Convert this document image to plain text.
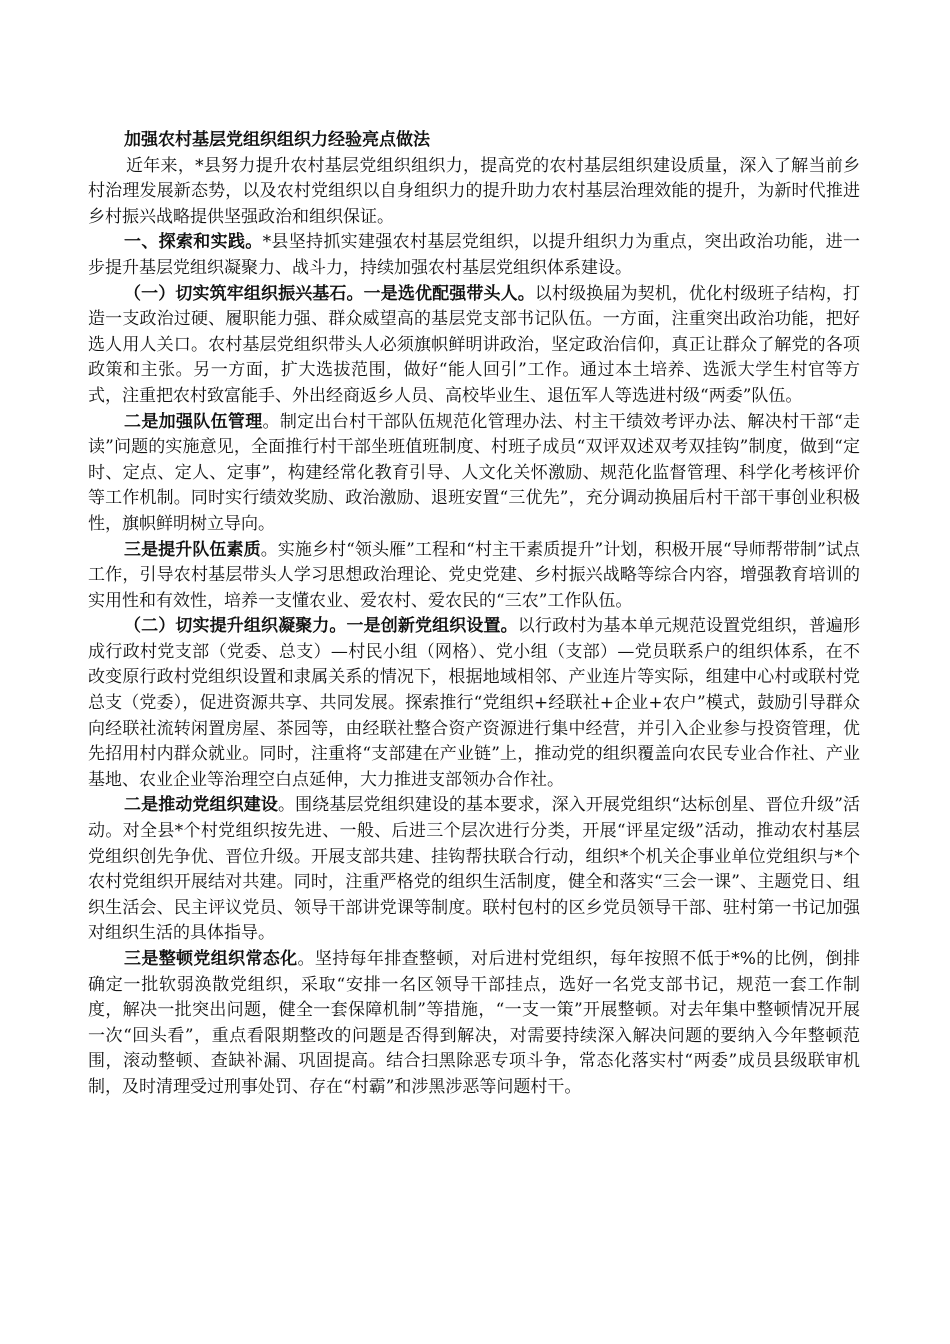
加强农村基层党组织组织力经验亮点做法

近年来，*县努力提升农村基层党组织组织力，提高党的农村基层组织建设质量，深入了解当前乡村治理发展新态势，以及农村党组织以自身组织力的提升助力农村基层治理效能的提升，为新时代推进乡村振兴战略提供坚强政治和组织保证。

一、探索和实践。*县坚持抓实建强农村基层党组织，以提升组织力为重点，突出政治功能，进一步提升基层党组织凝聚力、战斗力，持续加强农村基层党组织体系建设。

（一）切实筑牢组织振兴基石。一是选优配强带头人。以村级换届为契机，优化村级班子结构，打造一支政治过硬、履职能力强、群众威望高的基层党支部书记队伍。一方面，注重突出政治功能，把好选人用人关口。农村基层党组织带头人必须旗帜鲜明讲政治，坚定政治信仰，真正让群众了解党的各项政策和主张。另一方面，扩大选拔范围，做好“能人回引”工作。通过本土培养、选派大学生村官等方式，注重把农村致富能手、外出经商返乡人员、高校毕业生、退伍军人等选进村级“两委”队伍。

二是加强队伍管理。制定出台村干部队伍规范化管理办法、村主干绩效考评办法、解决村干部“走读”问题的实施意见，全面推行村干部坐班值班制度、村班子成员“双评双述双考双挂钩”制度，做到“定时、定点、定人、定事”，构建经常化教育引导、人文化关怀激励、规范化监督管理、科学化考核评价等工作机制。同时实行绩效奖励、政治激励、退班安置“三优先”，充分调动换届后村干部干事创业积极性，旗帜鲜明树立导向。

三是提升队伍素质。实施乡村“领头雁”工程和“村主干素质提升”计划，积极开展“导师帮带制”试点工作，引导农村基层带头人学习思想政治理论、党史党建、乡村振兴战略等综合内容，增强教育培训的实用性和有效性，培养一支懂农业、爱农村、爱农民的“三农”工作队伍。

（二）切实提升组织凝聚力。一是创新党组织设置。以行政村为基本单元规范设置党组织，普遍形成行政村党支部（党委、总支）—村民小组（网格）、党小组（支部）—党员联系户的组织体系，在不改变原行政村党组织设置和隶属关系的情况下，根据地域相邻、产业连片等实际，组建中心村或联村党总支（党委），促进资源共享、共同发展。探索推行“党组织+经联社+企业+农户”模式，鼓励引导群众向经联社流转闲置房屋、茶园等，由经联社整合资产资源进行集中经营，并引入企业参与投资管理，优先招用村内群众就业。同时，注重将“支部建在产业链”上，推动党的组织覆盖向农民专业合作社、产业基地、农业企业等治理空白点延伸，大力推进支部领办合作社。

二是推动党组织建设。围绕基层党组织建设的基本要求，深入开展党组织“达标创星、晋位升级”活动。对全县*个村党组织按先进、一般、后进三个层次进行分类，开展“评星定级”活动，推动农村基层党组织创先争优、晋位升级。开展支部共建、挂钩帮扶联合行动，组织*个机关企事业单位党组织与*个农村党组织开展结对共建。同时，注重严格党的组织生活制度，健全和落实“三会一课”、主题党日、组织生活会、民主评议党员、领导干部讲党课等制度。联村包村的区乡党员领导干部、驻村第一书记加强对组织生活的具体指导。

三是整顿党组织常态化。坚持每年排查整顿，对后进村党组织，每年按照不低于*%的比例，倒排确定一批软弱涣散党组织，采取“安排一名区领导干部挂点，选好一名党支部书记，规范一套工作制度，解决一批突出问题，健全一套保障机制”等措施，“一支一策”开展整顿。对去年集中整顿情况开展一次“回头看”，重点看限期整改的问题是否得到解决，对需要持续深入解决问题的要纳入今年整顿范围，滚动整顿、查缺补漏、巩固提高。结合扫黑除恶专项斗争，常态化落实村“两委”成员县级联审机制，及时清理受过刑事处罚、存在“村霸”和涉黑涉恶等问题村干。
